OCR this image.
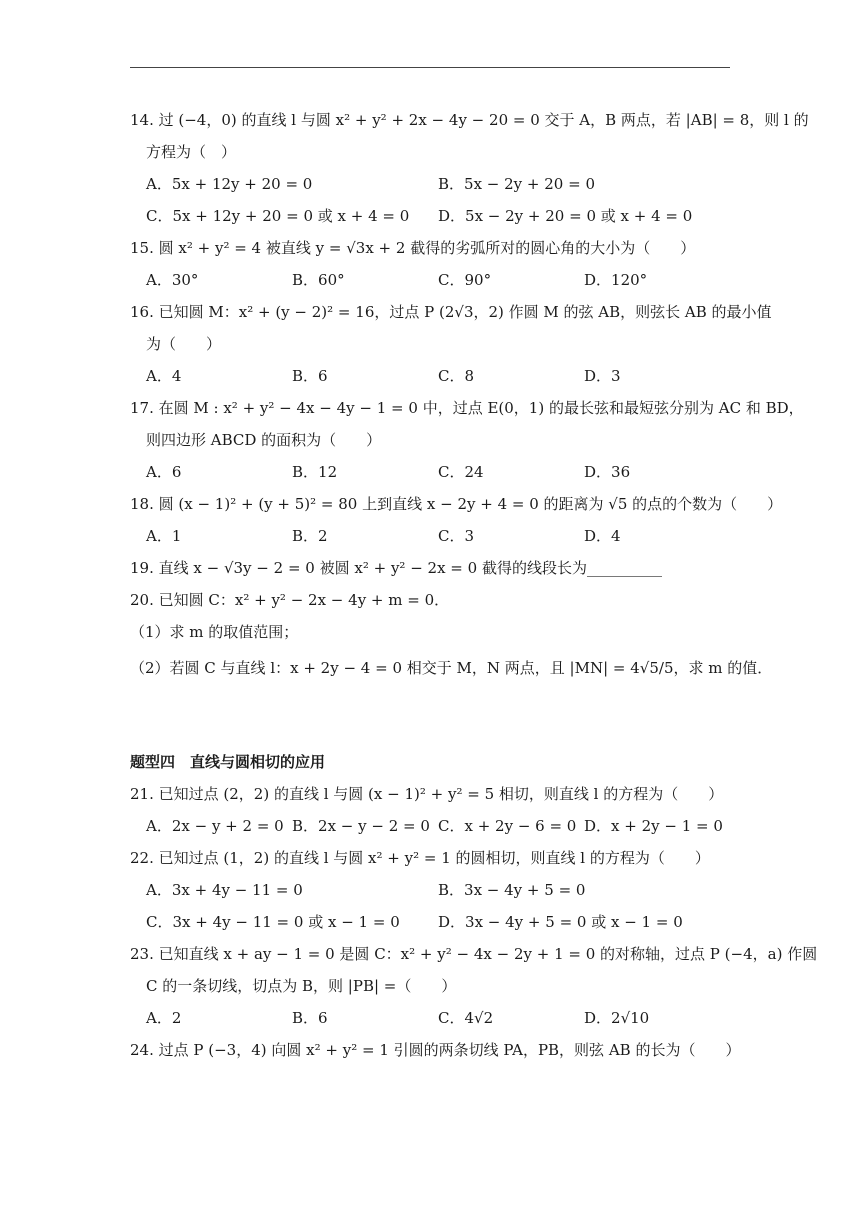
14. 过 (−4，0) 的直线 l 与圆 x² + y² + 2x − 4y − 20 = 0 交于 A，B 两点，若 |AB| = 8，则 l 的
方程为（　）
A．5x + 12y + 20 = 0	B．5x − 2y + 20 = 0
C．5x + 12y + 20 = 0 或 x + 4 = 0	D．5x − 2y + 20 = 0 或 x + 4 = 0
15. 圆 x² + y² = 4 被直线 y = √3x + 2 截得的劣弧所对的圆心角的大小为（　　）
A．30°	B．60°	C．90°	D．120°
16. 已知圆 M：x² + (y − 2)² = 16，过点 P (2√3，2) 作圆 M 的弦 AB，则弦长 AB 的最小值
为（　　）
A．4	B．6	C．8	D．3
17. 在圆 M : x² + y² − 4x − 4y − 1 = 0 中，过点 E(0，1) 的最长弦和最短弦分别为 AC 和 BD，
则四边形 ABCD 的面积为（　　）
A．6	B．12	C．24	D．36
18. 圆 (x − 1)² + (y + 5)² = 80 上到直线 x − 2y + 4 = 0 的距离为 √5 的点的个数为（　　）
A．1	B．2	C．3	D．4
19. 直线 x − √3y − 2 = 0 被圆 x² + y² − 2x = 0 截得的线段长为__________
20. 已知圆 C：x² + y² − 2x − 4y + m = 0．
（1）求 m 的取值范围；
（2）若圆 C 与直线 l：x + 2y − 4 = 0 相交于 M，N 两点，且 |MN| = 4√5/5，求 m 的值．
题型四　直线与圆相切的应用
21. 已知过点 (2，2) 的直线 l 与圆 (x − 1)² + y² = 5 相切，则直线 l 的方程为（　　）
A．2x − y + 2 = 0 B．2x − y − 2 = 0 C．x + 2y − 6 = 0 D．x + 2y − 1 = 0
22. 已知过点 (1，2) 的直线 l 与圆 x² + y² = 1 的圆相切，则直线 l 的方程为（　　）
A．3x + 4y − 11 = 0	B．3x − 4y + 5 = 0
C．3x + 4y − 11 = 0 或 x − 1 = 0	D．3x − 4y + 5 = 0 或 x − 1 = 0
23. 已知直线 x + ay − 1 = 0 是圆 C：x² + y² − 4x − 2y + 1 = 0 的对称轴，过点 P (−4，a) 作圆
C 的一条切线，切点为 B，则 |PB| =（　　）
A．2	B．6	C．4√2	D．2√10
24. 过点 P (−3，4) 向圆 x² + y² = 1 引圆的两条切线 PA，PB，则弦 AB 的长为（　　）
